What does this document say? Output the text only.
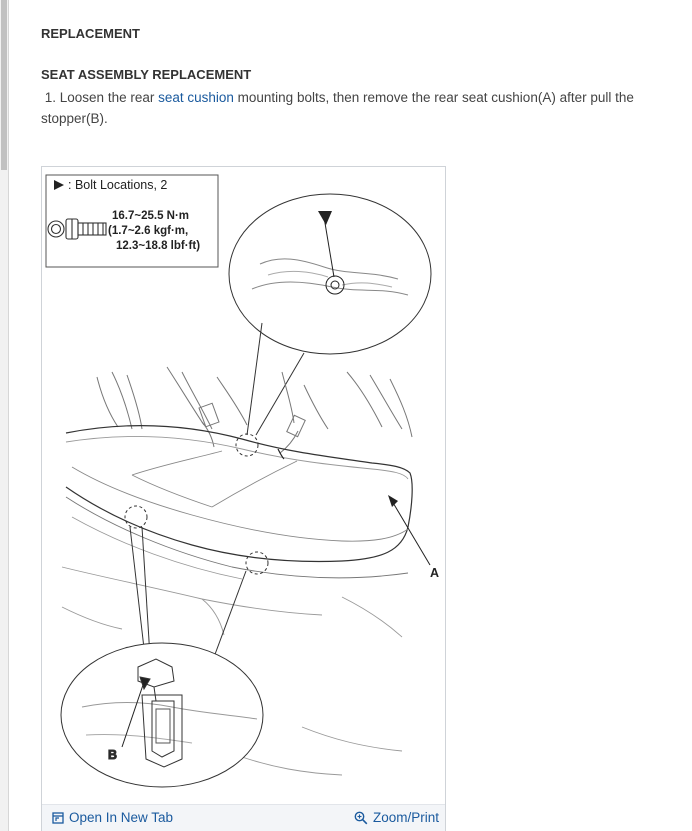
REPLACEMENT
SEAT ASSEMBLY REPLACEMENT
1. Loosen the rear seat cushion mounting bolts, then remove the rear seat cushion(A) after pull the stopper(B).
: Bolt Locations, 2
16.7~25.5 N·m
(1.7~2.6 kgf·m,
12.3~18.8 lbf·ft)
A
B
Open In New Tab	Zoom/Print
